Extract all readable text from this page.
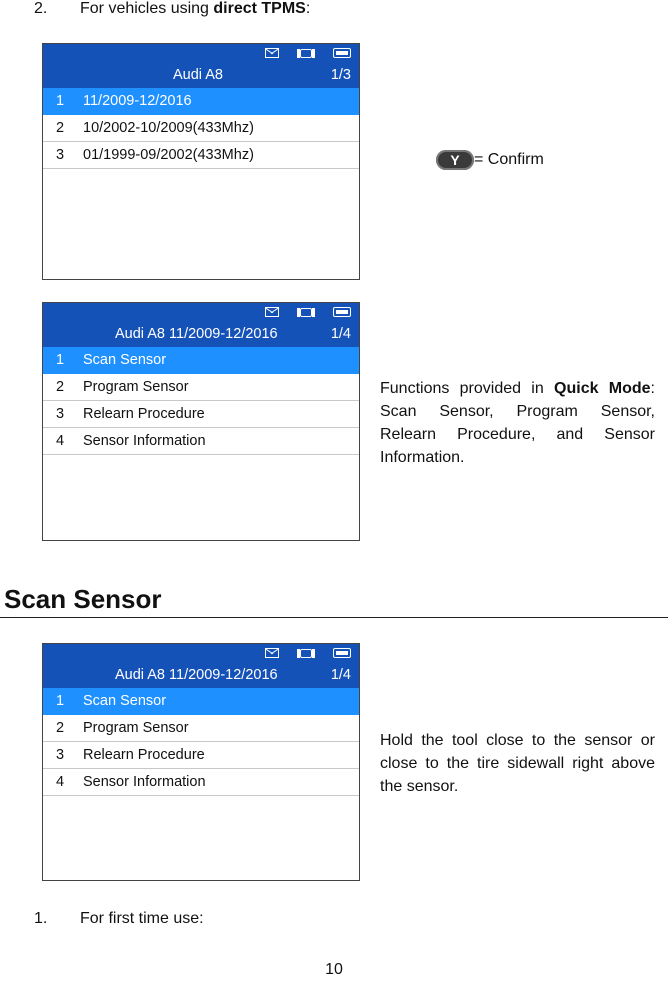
2. For vehicles using direct TPMS:
Audi A8	1/3
1 11/2009-12/2016
2 10/2002-10/2009(433Mhz)
3 01/1999-09/2002(433Mhz)	Y = Confirm
Audi A8 11/2009-12/2016	1/4
1 Scan Sensor
2 Program Sensor
3 Relearn Procedure
4 Sensor Information
Functions provided in Quick Mode: Scan Sensor, Program Sensor, Relearn Procedure, and Sensor Information.
Scan Sensor
Audi A8 11/2009-12/2016	1/4
1 Scan Sensor
2 Program Sensor
3 Relearn Procedure
4 Sensor Information
Hold the tool close to the sensor or close to the tire sidewall right above the sensor.
1. For first time use:
10
